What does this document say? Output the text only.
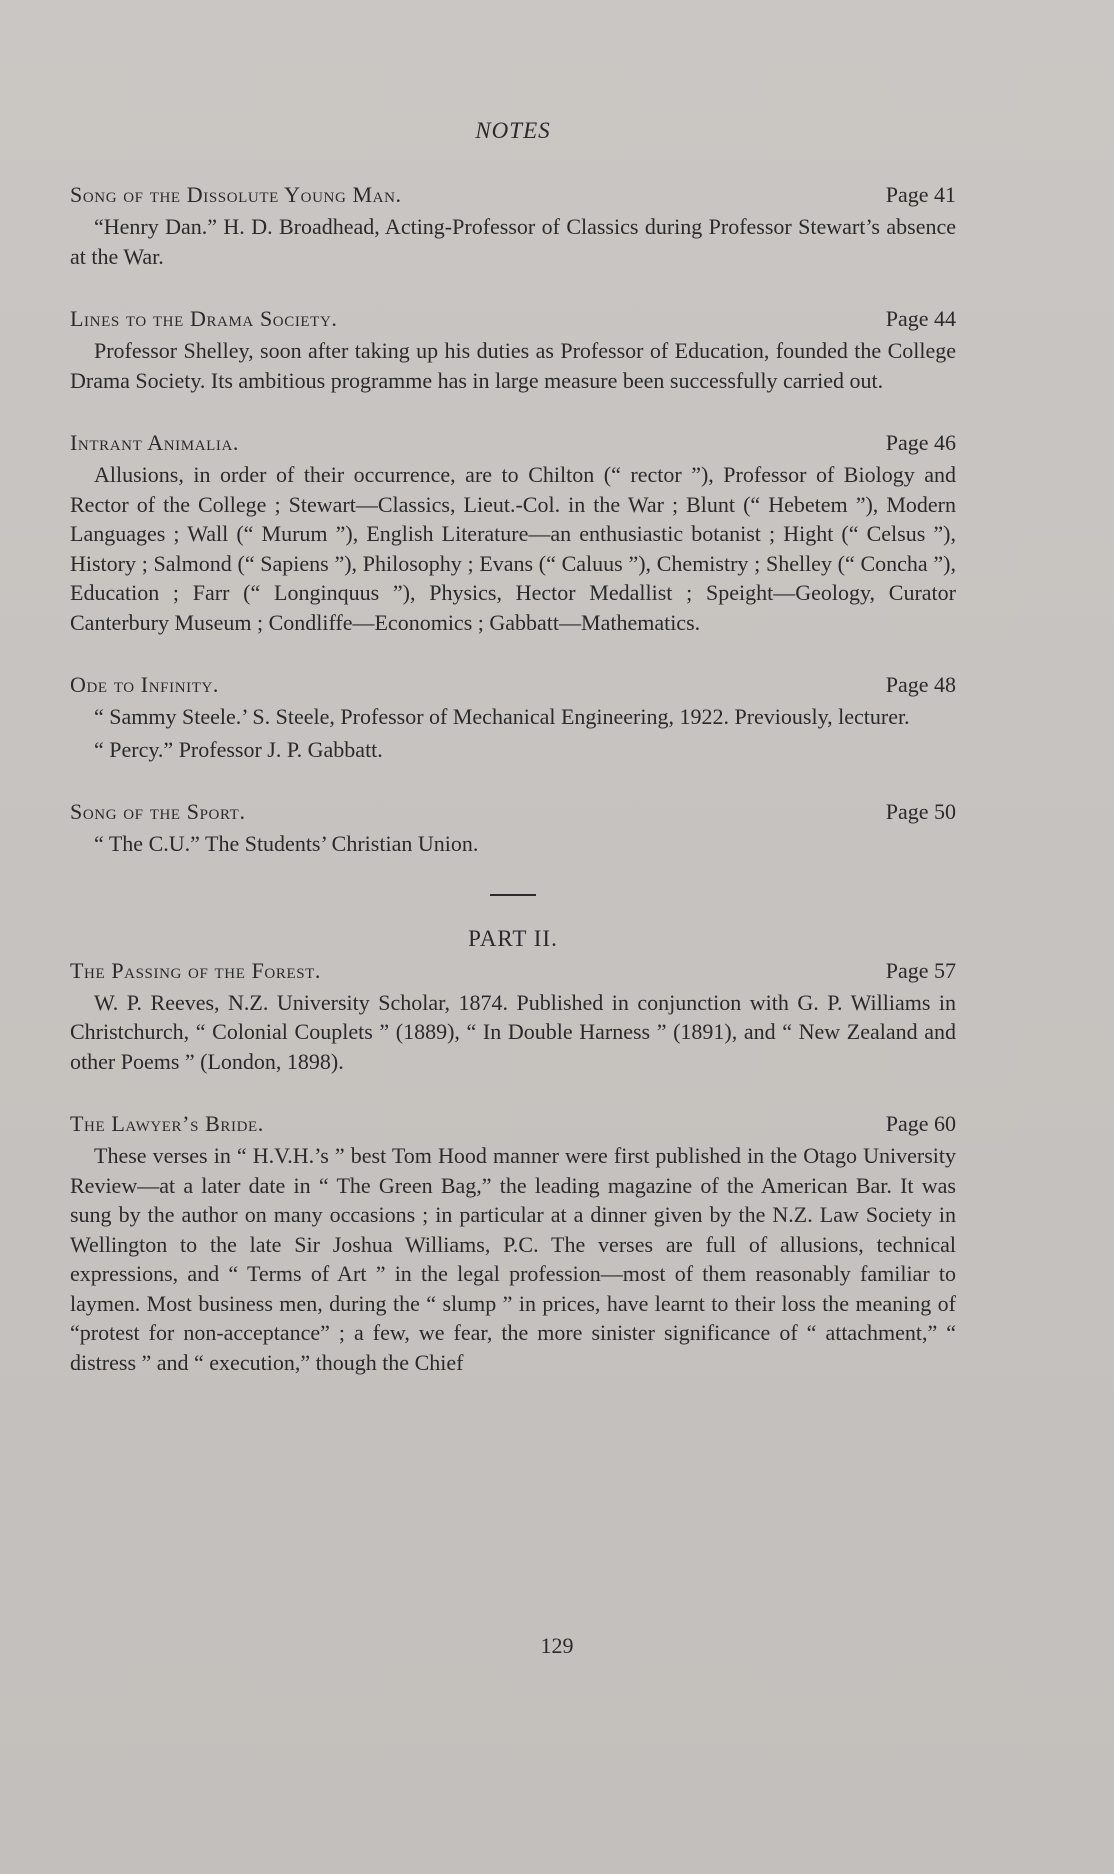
NOTES
Song of the Dissolute Young Man.	Page 41

“Henry Dan.” H. D. Broadhead, Acting-Professor of Classics during Professor Stewart’s absence at the War.

Lines to the Drama Society.	Page 44

Professor Shelley, soon after taking up his duties as Professor of Education, founded the College Drama Society. Its ambitious programme has in large measure been successfully carried out.

Intrant Animalia.	Page 46

Allusions, in order of their occurrence, are to Chilton (“ rector ”), Professor of Biology and Rector of the College ; Stewart—Classics, Lieut.-Col. in the War ; Blunt (“ Hebetem ”), Modern Languages ; Wall (“ Murum ”), English Literature—an enthusiastic botanist ; Hight (“ Celsus ”), History ; Salmond (“ Sapiens ”), Philosophy ; Evans (“ Caluus ”), Chemistry ; Shelley (“ Concha ”), Education ; Farr (“ Longinquus ”), Physics, Hector Medallist ; Speight—Geology, Curator Canterbury Museum ; Condliffe—Economics ; Gabbatt—Mathematics.

Ode to Infinity.	Page 48

“ Sammy Steele.’ S. Steele, Professor of Mechanical Engineering, 1922. Previously, lecturer.

“ Percy.” Professor J. P. Gabbatt.

Song of the Sport.	Page 50

“ The C.U.” The Students’ Christian Union.

PART II.
The Passing of the Forest.	Page 57

W. P. Reeves, N.Z. University Scholar, 1874. Published in conjunction with G. P. Williams in Christchurch, “ Colonial Couplets ” (1889), “ In Double Harness ” (1891), and “ New Zealand and other Poems ” (London, 1898).

The Lawyer’s Bride.	Page 60

These verses in “ H.V.H.’s ” best Tom Hood manner were first published in the Otago University Review—at a later date in “ The Green Bag,” the leading magazine of the American Bar. It was sung by the author on many occasions ; in particular at a dinner given by the N.Z. Law Society in Wellington to the late Sir Joshua Williams, P.C. The verses are full of allusions, technical expressions, and “ Terms of Art ” in the legal profession—most of them reasonably familiar to laymen. Most business men, during the “ slump ” in prices, have learnt to their loss the meaning of “protest for non-acceptance” ; a few, we fear, the more sinister significance of “ attachment,” “ distress ” and “ execution,” though the Chief

129
